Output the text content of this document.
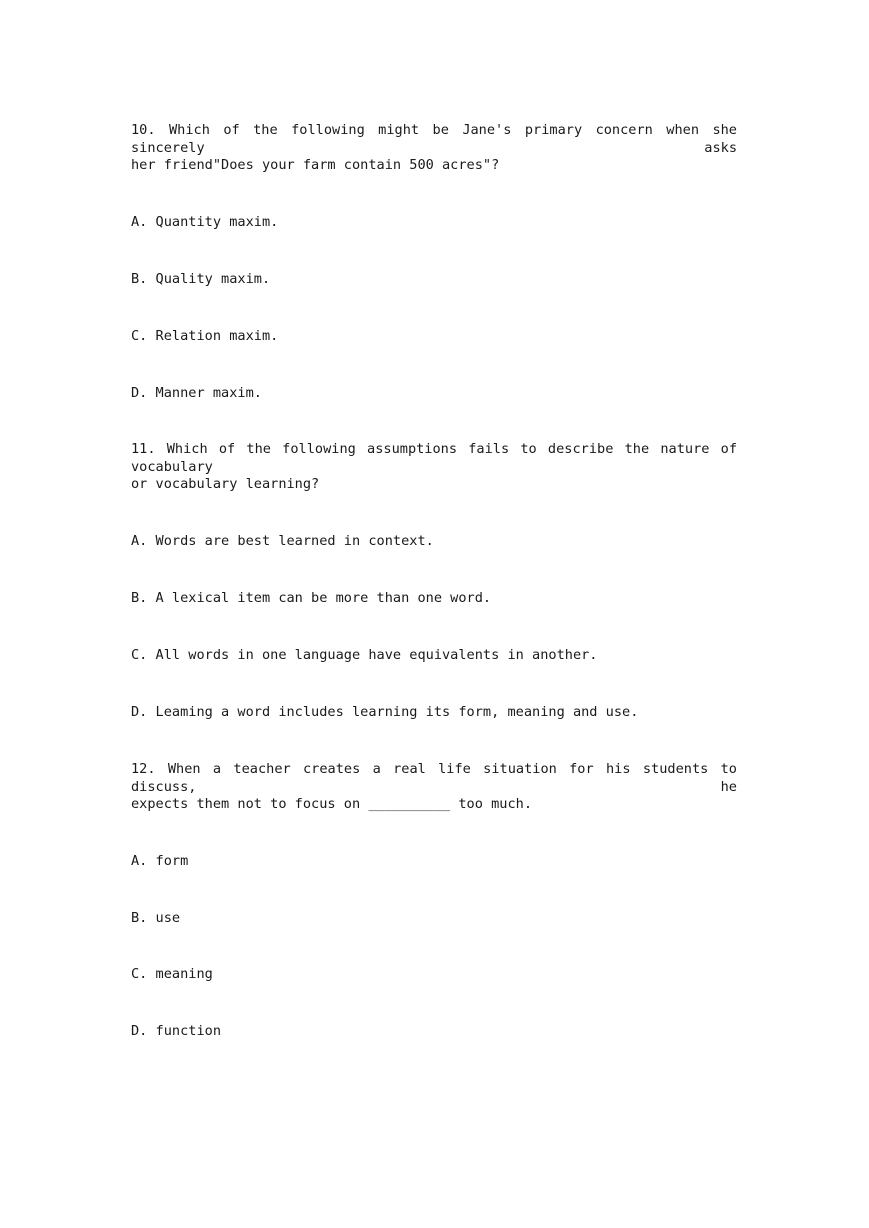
10. Which of the following might be Jane's primary concern when she sincerely asks
her friend"Does your farm contain 500 acres"?
A. Quantity maxim.
B. Quality maxim.
C. Relation maxim.
D. Manner maxim.
11. Which of the following assumptions fails to describe the nature of vocabulary
or vocabulary learning?
A. Words are best learned in context.
B. A lexical item can be more than one word.
C. All words in one language have equivalents in another.
D. Leaming a word includes learning its form, meaning and use.
12. When a teacher creates a real life situation for his students to discuss, he
expects them not to focus on __________ too much.
A. form
B. use
C. meaning
D. function
